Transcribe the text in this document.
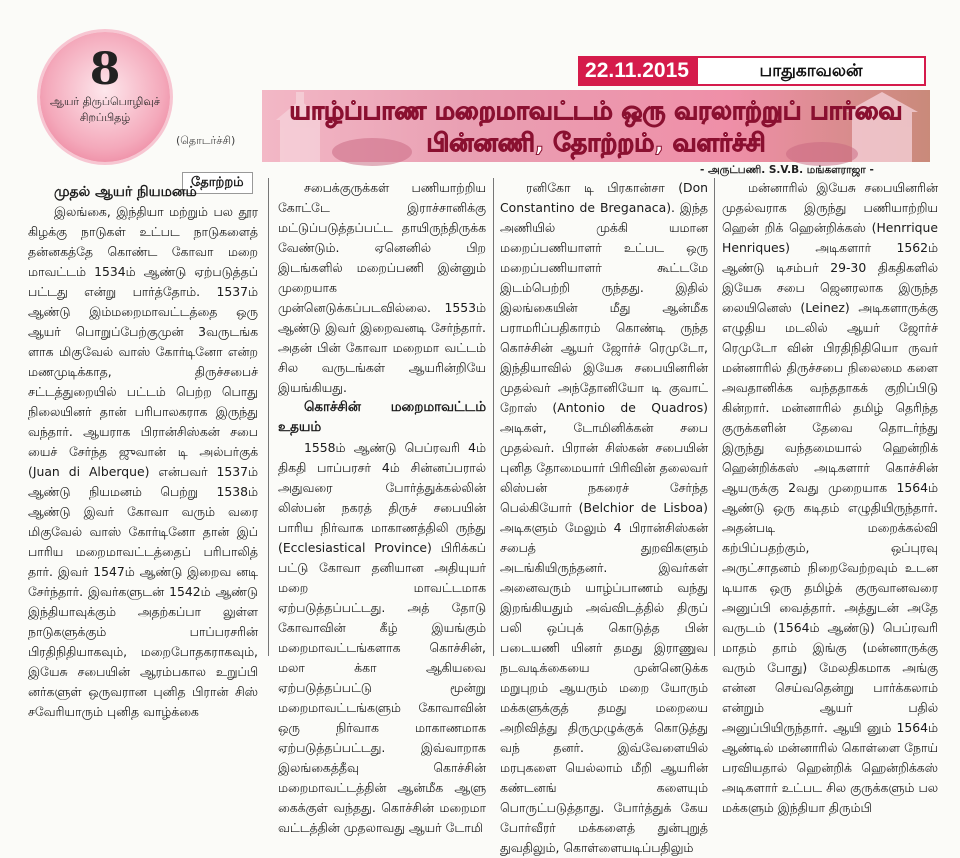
8
ஆயர் திருப்பொழிவுச்
சிறப்பிதழ்
(தொடர்ச்சி)
22.11.2015	பாதுகாவலன்
யாழ்ப்பாண மறைமாவட்டம் ஒரு வரலாற்றுப் பார்வை
பின்னணி, தோற்றம், வளர்ச்சி
- அருட்பணி. S.V.B. மங்களராஜா -
தோற்றம்

முதல் ஆயர் நியமனம்

இலங்கை, இந்தியா மற்றும் பல தூர கிழக்கு நாடுகள் உட்பட நாடுகளைத் தன்னகத்தே கொண்ட கோவா மறை மாவட்டம் 1534ம் ஆண்டு ஏற்படுத்தப் பட்டது என்று பார்த்தோம். 1537ம் ஆண்டு இம்மறைமாவட்டத்தை ஒரு ஆயர் பொறுப்பேற்குமுன் 3வருடங்க ளாக மிகுவேல் வாஸ் கோர்டினோ என்ற மணமுடிக்காத, திருச்சபைச் சட்டத்துறையில் பட்டம் பெற்ற பொது நிலையினர் தான் பரிபாலகராக இருந்து வந்தார். ஆயராக பிரான்சிஸ்கன் சபை யைச் சேர்ந்த ஜுவான் டி அல்பர்குக் (Juan di Alberque) என்பவர் 1537ம் ஆண்டு நியமனம் பெற்று 1538ம் ஆண்டு இவர் கோவா வரும் வரை மிகுவேல் வாஸ் கோர்டினோ தான் இப் பாரிய மறைமாவட்டத்தைப் பரிபாலித் தார். இவர் 1547ம் ஆண்டு இறைவ னடி சேர்ந்தார். இவர்களுடன் 1542ம் ஆண்டு இந்தியாவுக்கும் அதற்கப்பா லுள்ள நாடுகளுக்கும் பாப்பரசரின் பிரதிநிதியாகவும், மறைபோதகராகவும், இயேசு சபையின் ஆரம்பகால உறுப்பி னர்களுள் ஒருவரான புனித பிரான் சிஸ் சவேரியாரும் புனித வாழ்க்கை

சபைக்குருக்கள் பணியாற்றிய கோட்டே இராச்சானிக்கு மட்டுப்படுத்தப்பட்ட தாயிருந்திருக்க வேண்டும். ஏனெனில் பிற இடங்களில் மறைப்பணி இன்னும் முறையாக முன்னெடுக்கப்படவில்லை. 1553ம் ஆண்டு இவர் இறைவனடி சேர்ந்தார். அதன் பின் கோவா மறைமா வட்டம் சில வருடங்கள் ஆயரின்றியே இயங்கியது.

கொச்சின் மறைமாவட்டம் உதயம்

1558ம் ஆண்டு பெப்ரவரி 4ம் திகதி பாப்பரசர் 4ம் சின்னப்பரால் அதுவரை போர்த்துக்கல்லின் லிஸ்பன் நகரத் திருச் சபையின் பாரிய நிர்வாக மாகாணத்திலி ருந்து (Ecclesiastical Province) பிரிக்கப் பட்டு கோவா தனியான அதியுயர் மறை மாவட்டமாக ஏற்படுத்தப்பட்டது. அத் தோடு கோவாவின் கீழ் இயங்கும் மறைமாவட்டங்களாக கொச்சின், மலா க்கா ஆகியவை ஏற்படுத்தப்பட்டு மூன்று மறைமாவட்டங்களும் கோவாவின் ஒரு நிர்வாக மாகாணமாக ஏற்படுத்தப்பட்டது. இவ்வாறாக இலங்கைத்தீவு கொச்சின் மறைமாவட்டத்தின் ஆன்மீக ஆளு கைக்குள் வந்தது. கொச்சின் மறைமா வட்டத்தின் முதலாவது ஆயர் டோமி

ரனிகோ டி பிரகான்சா (Don Constantino de Breganaca). இந்த அணியில் முக்கி யமான மறைப்பணியாளர் உட்பட ஒரு மறைப்பணியாளர் கூட்டமே இடம்பெற்றி ருந்தது. இதில் இலங்கையின் மீது ஆன்மீக பராமரிப்பதிகாரம் கொண்டி ருந்த கொச்சின் ஆயர் ஜோர்ச் ரெமுடோ, இந்தியாவில் இயேசு சபையினரின் முதல்வர் அந்தோனியோ டி குவாட் றோஸ் (Antonio de Quadros) அடிகள், டோமினிக்கன் சபை முதல்வர். பிரான் சிஸ்கன் சபையின் புனித தோமையார் பிரிவின் தலைவர் லிஸ்பன் நகரைச் சேர்ந்த பெல்கியோர் (Belchior de Lisboa) அடிகளும் மேலும் 4 பிரான்சிஸ்கன் சபைத் துறவிகளும் அடங்கியிருந்தனர். இவர்கள் அனைவரும் யாழ்ப்பாணம் வந்து இறங்கியதும் அவ்விடத்தில் திருப் பலி ஒப்புக் கொடுத்த பின் படையணி யினர் தமது இராணுவ நடவடிக்கையை முன்னெடுக்க மறுபுறம் ஆயரும் மறை யோரும் மக்களுக்குத் தமது மறையை அறிவித்து திருமுழுக்குக் கொடுத்து வந் தனர். இவ்வேளையில் மரபுகளை யெல்லாம் மீறி ஆயரின் கண்டனங் களையும் பொருட்படுத்தாது. போர்த்துக் கேய போர்வீரர் மக்களைத் துன்புறுத் துவதிலும், கொள்ளையடிப்பதிலும்

மன்னாரில் இயேசு சபையினரின் முதல்வராக இருந்து பணியாற்றிய ஹென் றிக் ஹென்றிக்கஸ் (Henrrique Henriques) அடிகளார் 1562ம் ஆண்டு டிசம்பர் 29-30 திகதிகளில் இயேசு சபை ஜெனரலாக இருந்த லையினெஸ் (Leinez) அடிகளாருக்கு எழுதிய மடலில் ஆயர் ஜோர்ச் ரெமுடோ வின் பிரதிநிதியொ ருவர் மன்னாரில் திருச்சபை நிலைமை களை அவதானிக்க வந்ததாகக் குறிப்பிடு கின்றார். மன்னாரில் தமிழ் தெரிந்த குருக்களின் தேவை தொடர்ந்து இருந்து வந்தமையால் ஹென்றிக் ஹென்றிக்கஸ் அடிகளார் கொச்சின் ஆயருக்கு 2வது முறையாக 1564ம் ஆண்டு ஒரு கடிதம் எழுதியிருந்தார். அதன்படி மறைக்கல்வி கற்பிப்பதற்கும், ஒப்புரவு அருட்சாதனம் நிறைவேற்றவும் உடன டியாக ஒரு தமிழ்க் குருவானவரை அனுப்பி வைத்தார். அத்துடன் அதே வருடம் (1564ம் ஆண்டு) பெப்ரவரி மாதம் தாம் இங்கு (மன்னாருக்கு வரும் போது) மேலதிகமாக அங்கு என்ன செய்வதென்று பார்க்கலாம் என்றும் ஆயர் பதில் அனுப்பியிருந்தார். ஆயி னும் 1564ம் ஆண்டில் மன்னாரில் கொள்ளை நோய் பரவியதால் ஹென்றிக் ஹென்றிக்கஸ் அடிகளார் உட்பட சில குருக்களும் பல மக்களும் இந்தியா திரும்பி
